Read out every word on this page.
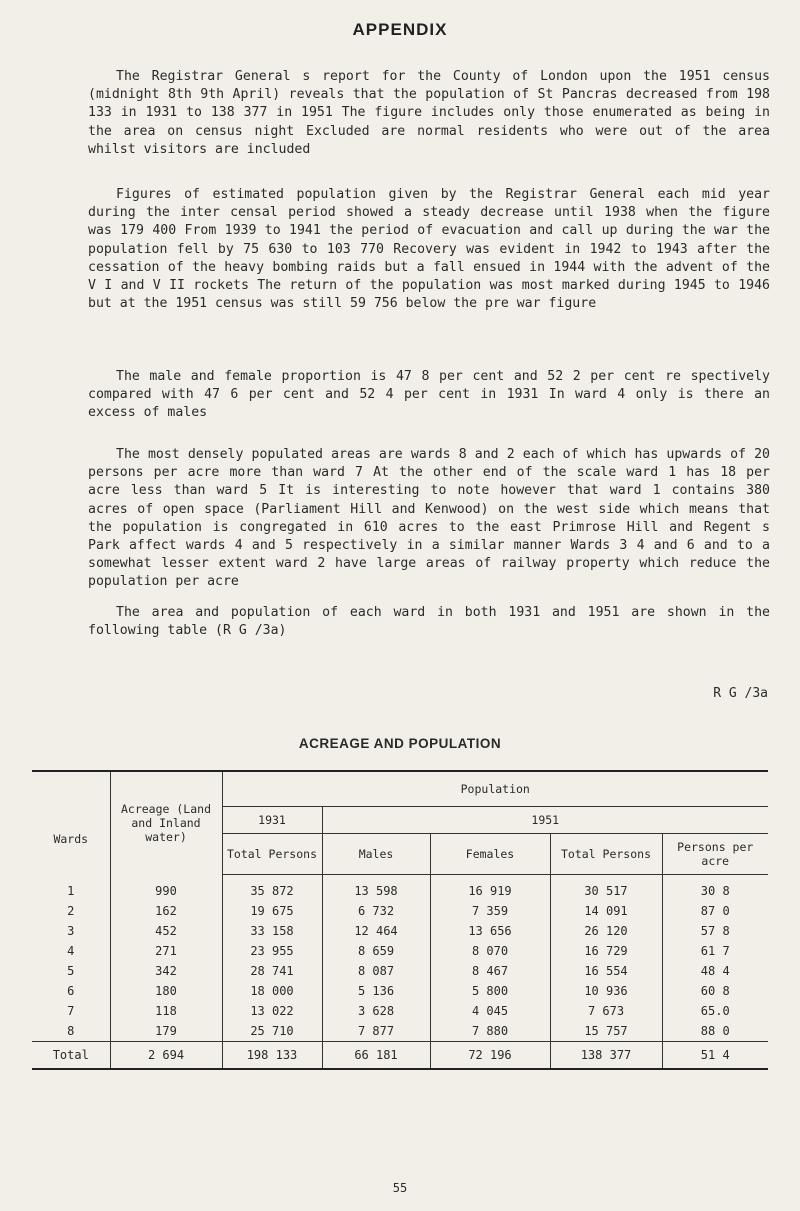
APPENDIX

The Registrar General s report for the County of London upon the 1951 census (midnight 8th 9th April) reveals that the population of St Pancras decreased from 198 133 in 1931 to 138 377 in 1951 The figure includes only those enumerated as being in the area on census night Excluded are normal residents who were out of the area whilst visitors are included

Figures of estimated population given by the Registrar General each mid year during the inter censal period showed a steady decrease until 1938 when the figure was 179 400 From 1939 to 1941 the period of evacuation and call up during the war the population fell by 75 630 to 103 770 Recovery was evident in 1942 to 1943 after the cessation of the heavy bombing raids but a fall ensued in 1944 with the advent of the V I and V II rockets The return of the population was most marked during 1945 to 1946 but at the 1951 census was still 59 756 below the pre war figure

The male and female proportion is 47 8 per cent and 52 2 per cent re spectively compared with 47 6 per cent and 52 4 per cent in 1931 In ward 4 only is there an excess of males

The most densely populated areas are wards 8 and 2 each of which has upwards of 20 persons per acre more than ward 7 At the other end of the scale ward 1 has 18 per acre less than ward 5 It is interesting to note however that ward 1 contains 380 acres of open space (Parliament Hill and Kenwood) on the west side which means that the population is congregated in 610 acres to the east Primrose Hill and Regent s Park affect wards 4 and 5 respectively in a similar manner Wards 3 4 and 6 and to a somewhat lesser extent ward 2 have large areas of railway property which reduce the population per acre

The area and population of each ward in both 1931 and 1951 are shown in the following table (R G /3a)

R G /3a
ACREAGE AND POPULATION
Wards	Acreage (Land and Inland water)	Population				
		1931	1951			
		Total Persons	Males	Females	Total Persons	Persons per acre
1	990	35 872	13 598	16 919	30 517	30 8
2	162	19 675	6 732	7 359	14 091	87 0
3	452	33 158	12 464	13 656	26 120	57 8
4	271	23 955	8 659	8 070	16 729	61 7
5	342	28 741	8 087	8 467	16 554	48 4
6	180	18 000	5 136	5 800	10 936	60 8
7	118	13 022	3 628	4 045	7 673	65.0
8	179	25 710	7 877	7 880	15 757	88 0
Total	2 694	198 133	66 181	72 196	138 377	51 4
55
